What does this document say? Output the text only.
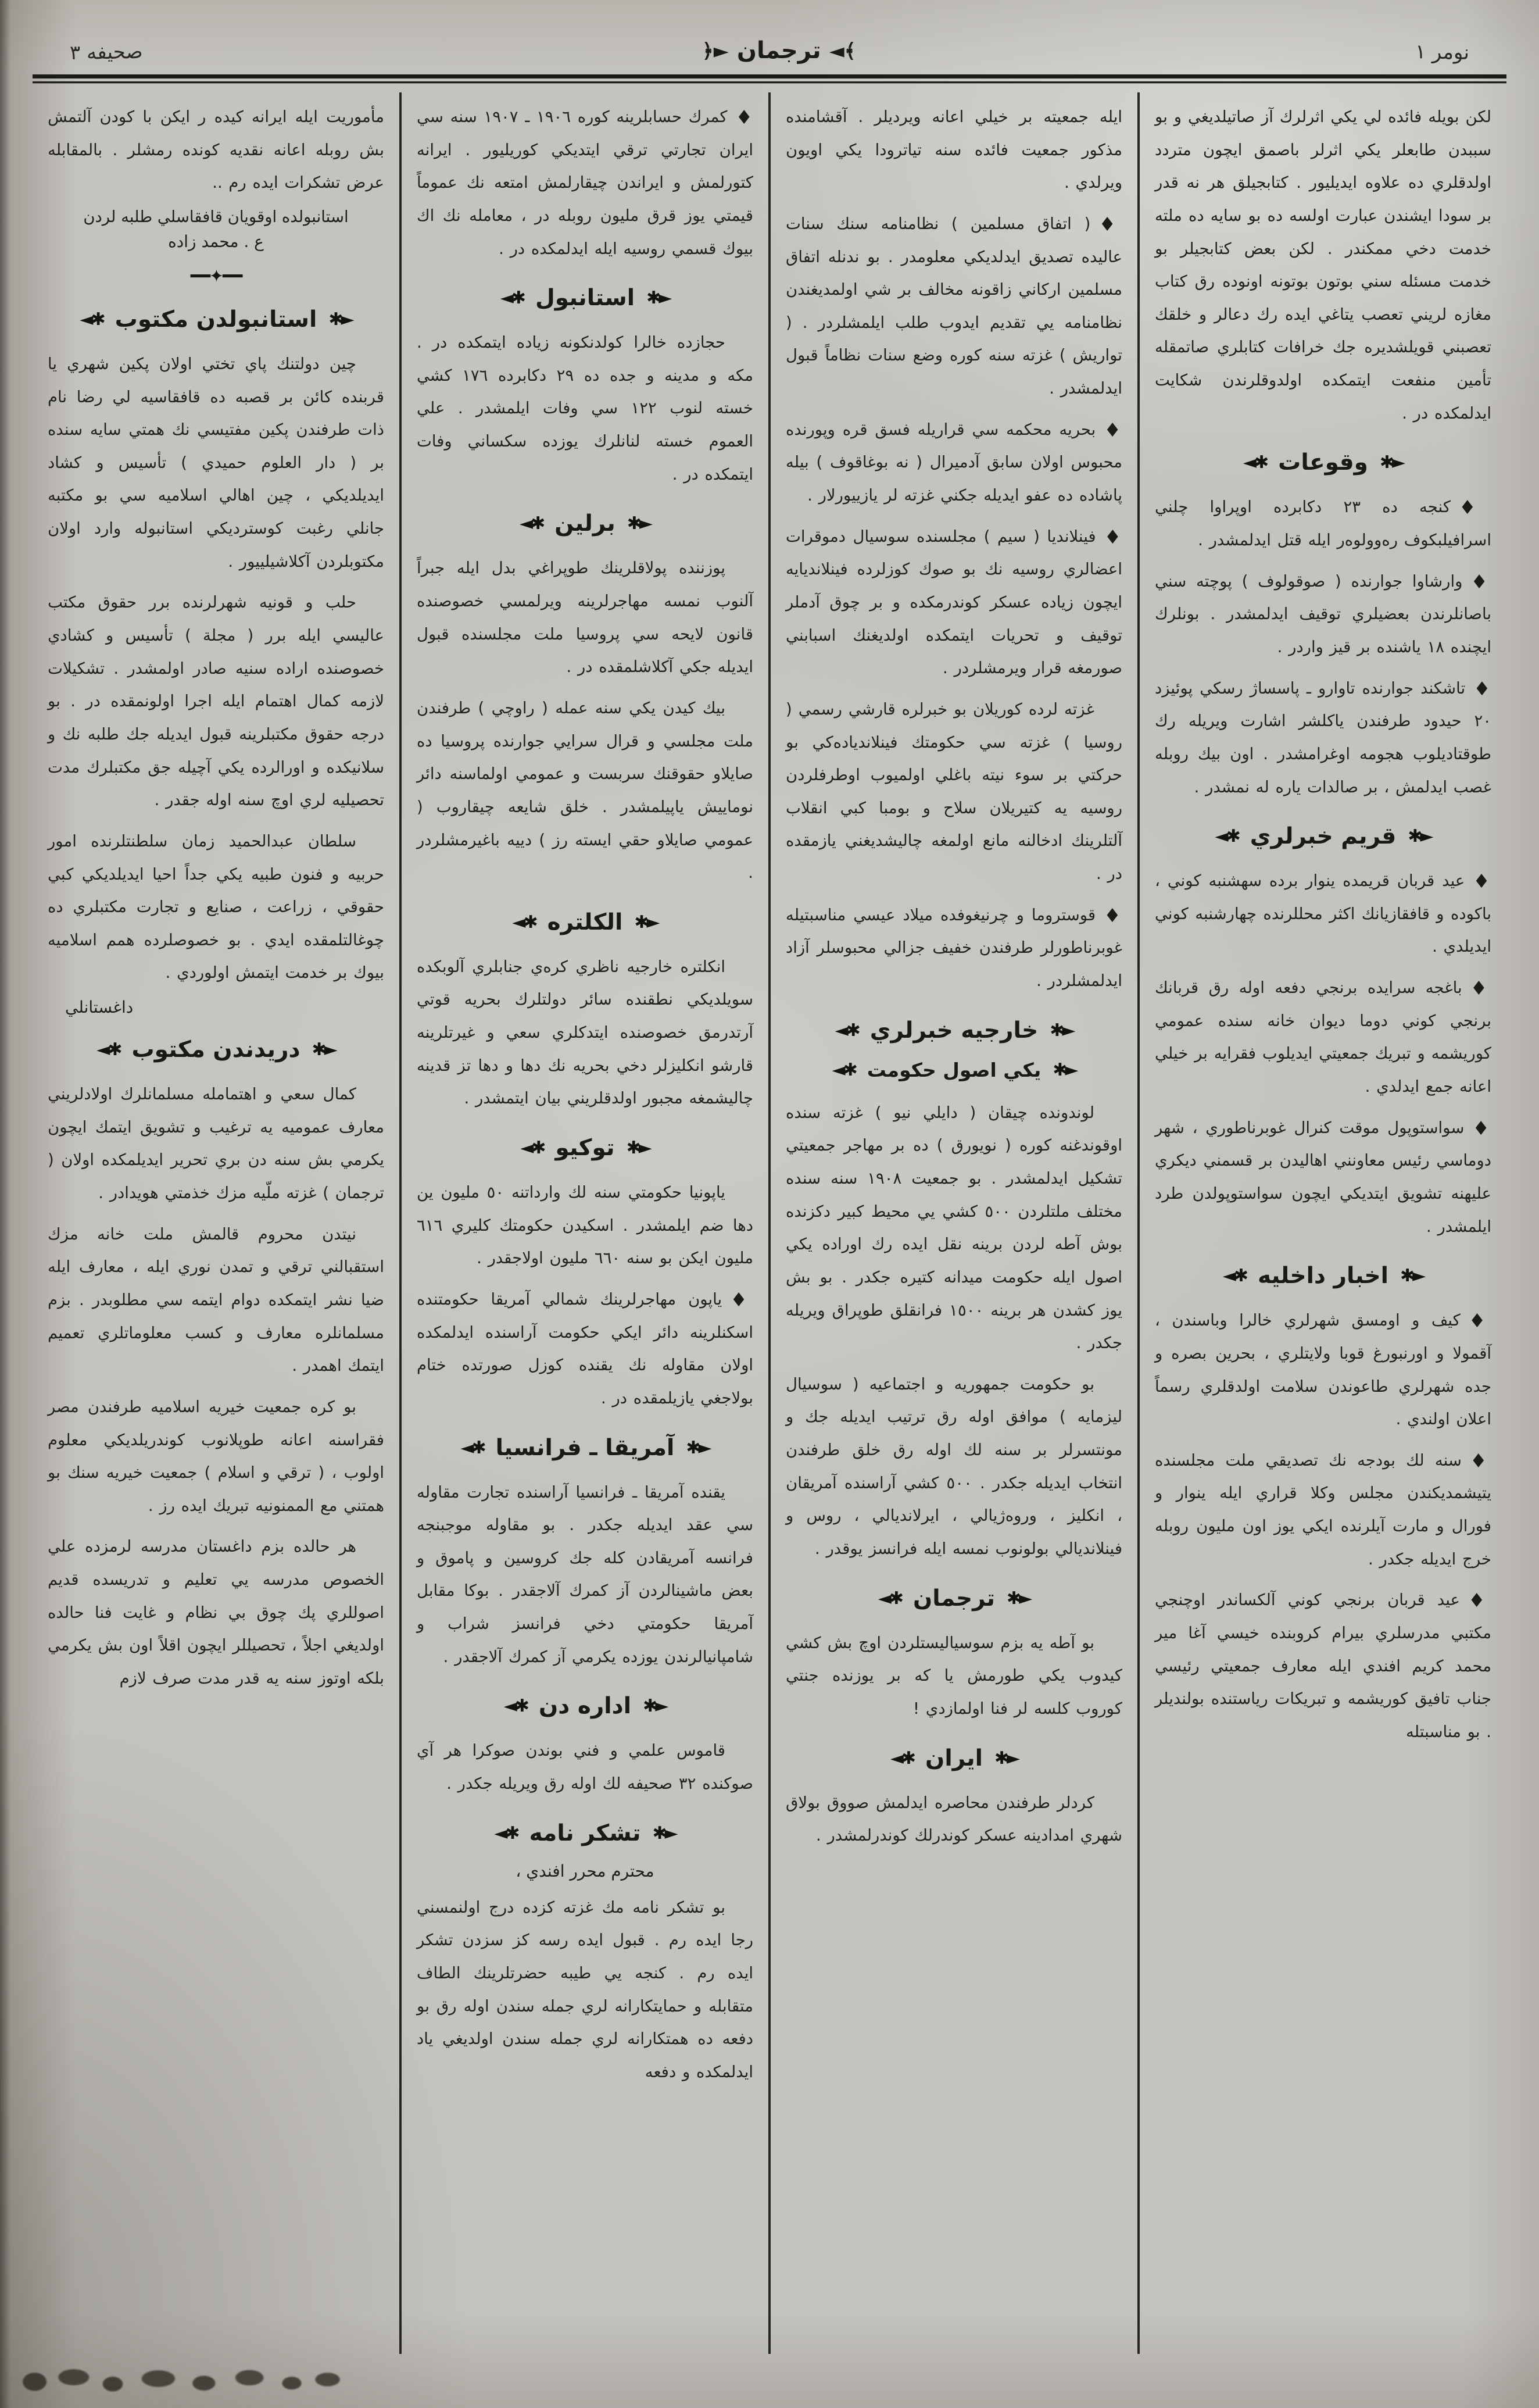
نومر ١
◄﴾
ترجمان
﴿►
صحيفه ٣

لكن بويله فائده لي يكي اثرلرك آز صاتيلديغي و بو سببدن طابعلر يكي اثرلر باصمق ايچون متردد اولدقلري ده علاوه ايديليور . كتابجيلق هر نه قدر بر سودا ايشندن عبارت اولسه ده بو سايه ده ملته خدمت دخي ممكندر . لكن بعض كتابجيلر بو خدمت مسئله سني بوتون بوتونه اونوده رق كتاب مغازه لريني تعصب يتاغي ايده رك دعالر و خلقك تعصبني قويلشديره جك خرافات كتابلري صاتمقله تأمين منفعت ايتمكده اولدوقلرندن شكايت ايدلمكده در .

✱►
وقوعات
◄✱

♦كنجه ده ٢٣ دكابرده اوپراوا چلني اسرافيلبكوف رەوولوەر ايله قتل ايدلمشدر .

♦وارشاوا جوارنده ( صوقولوف ) پوچته سني باصانلرندن بعضيلري توقيف ايدلمشدر . بونلرك ايچنده ١٨ ياشنده بر قيز واردر .

♦تاشكند جوارنده تاوارو ـ پاسساژ رسكي پوئيزد ٢٠ حيدود طرفندن ياكلشر اشارت ويريله رك طوقتاديلوب هجومه اوغرامشدر . اون بيك روبله غصب ايدلمش ، بر صالدات ياره له نمشدر .

✱►
قريم خبرلري
◄✱

♦عيد قربان قريمده ينوار برده سهشنبه كوني ، باكوده و قافقازيانك اكثر محللرنده چهارشنبه كوني ايديلدي .

♦باغجه سرايده برنجي دفعه اوله رق قربانك برنجي كوني دوما ديوان خانه سنده عمومي كوريشمه و تبريك جمعيتي ايديلوب فقرايه بر خيلي اعانه جمع ايدلدي .

♦سواستوپول موقت كنرال غوبرناطوري ، شهر دوماسي رئيس معاونني اهاليدن بر قسمني ديكري عليهنه تشويق ايتديكي ايچون سواستوپولدن طرد ايلمشدر .

✱►
اخبار داخليه
◄✱

♦كيف و اومسق شهرلري خالرا وباسندن ، آقمولا و اورنبورغ قوبا ولايتلري ، بحرين بصره و جده شهرلري طاعوندن سلامت اولدقلري رسماً اعلان اولندي .

♦سنه لك بودجه نك تصديقي ملت مجلسنده يتيشمديكندن مجلس وكلا قراري ايله ينوار و فورال و مارت آيلرنده ايكي يوز اون مليون روبله خرج ايديله جكدر .

♦عيد قربان برنجي كوني آلكساندر اوچنجي مكتبي مدرسلري بيرام كروبنده خيسي آغا مير محمد كريم افندي ايله معارف جمعيتي رئيسي جناب تافيق كوريشمه و تبريكات رياستنده بولنديلر . بو مناسبتله

ايله جمعيته بر خيلي اعانه ويرديلر . آقشامنده مذكور جمعيت فائده سنه تياترودا يكي اويون ويرلدي .

♦( اتفاق مسلمين ) نظامنامه سنك سنات عاليده تصديق ايدلديكي معلومدر . بو ندنله اتفاق مسلمين اركاني زاقونه مخالف بر شي اولمديغندن نظامنامه يي تقديم ايدوب طلب ايلمشلردر . ( تواريش ) غزته سنه كوره وضع سنات نظاماً قبول ايدلمشدر .

♦بحريه محكمه سي قراريله فسق قره وپورنده محبوس اولان سابق آدميرال ( نه بوغاقوف ) بيله پاشاده ده عفو ايديله جكني غزته لر يازييورلار .

♦فينلانديا ( سيم ) مجلسنده سوسيال دموقرات اعضالري روسيه نك بو صوك كوزلرده فينلانديايه ايچون زياده عسكر كوندرمكده و بر چوق آدملر توقيف و تحريات ايتمكده اولديغنك اسبابني صورمغه قرار ويرمشلردر .

غزته لرده كوريلان بو خبرلره قارشي رسمي ( روسيا ) غزته سي حكومتك فينلانديادەكي بو حركتي بر سوء نيته باغلي اولميوب اوطرفلردن روسيه يه كتيريلان سلاح و بومبا كبي انقلاب آلتلرينك ادخالنه مانع اولمغه چاليشديغني يازمقده در .

♦قوستروما و چرنيغوفده ميلاد عيسي مناسبتيله غوبرناطورلر طرفندن خفيف جزالي محبوسلر آزاد ايدلمشلردر .

✱►
خارجيه خبرلري
◄✱
✱►
يكي اصول حكومت
◄✱

لوندونده چيقان ( دايلي نيو ) غزته سنده اوقوندغنه كوره ( نويورق ) ده بر مهاجر جمعيتي تشكيل ايدلمشدر . بو جمعيت ١٩٠٨ سنه سنده مختلف ملتلردن ٥٠٠ كشي يي محيط كبير دكزنده بوش آطه لردن برينه نقل ايده رك اوراده يكي اصول ايله حكومت ميدانه كتيره جكدر . بو بش يوز كشدن هر برينه ١٥٠٠ فرانقلق طوپراق ويريله جكدر .

بو حكومت جمهوريه و اجتماعيه ( سوسيال ليزمايه ) موافق اوله رق ترتيب ايديله جك و مونتسرلر بر سنه لك اوله رق خلق طرفندن انتخاب ايديله جكدر . ٥٠٠ كشي آراسنده آمريقان ، انكليز ، وروەژيالي ، ايرلانديالي ، روس و فينلانديالي بولونوب نمسه ايله فرانسز يوقدر .

✱►
ترجمان
◄✱

بو آطه يه بزم سوسياليستلردن اوچ بش كشي كيدوب يكي طورمش يا كه بر يوزنده جنتي كوروب كلسه لر فنا اولمازدي !

✱►
ايران
◄✱

كردلر طرفندن محاصره ايدلمش صووق بولاق شهري امدادينه عسكر كوندرلك كوندرلمشدر .

♦كمرك حسابلرينه كوره ١٩٠٦ ـ ١٩٠٧ سنه سي ايران تجارتي ترقي ايتديكي كوريليور . ايرانه كتورلمش و ايراندن چيقارلمش امتعه نك عموماً قيمتي يوز قرق مليون روبله در ، معامله نك اك بيوك قسمي روسيه ايله ايدلمكده در .

✱►
استانبول
◄✱

حجازده خالرا كولدنكونه زياده ايتمكده در . مكه و مدينه و جده ده ٢٩ دكابرده ١٧٦ كشي خسته لنوب ١٢٢ سي وفات ايلمشدر . علي العموم خسته لنانلرك يوزده سكساني وفات ايتمكده در .

✱►
برلين
◄✱

پوزننده پولاقلرينك طوپراغي بدل ايله جبراً آلنوب نمسه مهاجرلرينه ويرلمسي خصوصنده قانون لايحه سي پروسيا ملت مجلسنده قبول ايديله جكي آكلاشلمقده در .

بيك كيدن يكي سنه عمله ( راوچي ) طرفندن ملت مجلسي و قرال سرايي جوارنده پروسيا ده صايلاو حقوقنك سربست و عمومي اولماسنه دائر نوماييش ياپيلمشدر . خلق شايعه چيقاروب ( عمومي صايلاو حقي ايسته رز ) دييه باغيرمشلردر .

✱►
الكلتره
◄✱

انكلتره خارجيه ناظري كرەي جنابلري آلوبكده سويلديكي نطقنده سائر دولتلرك بحريه قوتي آرتدرمق خصوصنده ايتدكلري سعي و غيرتلرينه قارشو انكليزلر دخي بحريه نك دها و دها تز قدينه چاليشمغه مجبور اولدقلريني بيان ايتمشدر .

✱►
توكيو
◄✱

ياپونيا حكومتي سنه لك وارداتنه ٥٠ مليون ين دها ضم ايلمشدر . اسكيدن حكومتك كليري ٦١٦ مليون ايكن بو سنه ٦٦٠ مليون اولاجقدر .

♦ياپون مهاجرلرينك شمالي آمريقا حكومتنده اسكنلرينه دائر ايكي حكومت آراسنده ايدلمكده اولان مقاوله نك يقنده كوزل صورتده ختام بولاجغي يازيلمقده در .

✱►
آمريقا ـ فرانسيا
◄✱

يقنده آمريقا ـ فرانسيا آراسنده تجارت مقاوله سي عقد ايديله جكدر . بو مقاوله موجبنجه فرانسه آمريقادن كله جك كروسين و پاموق و بعض ماشينالردن آز كمرك آلاجقدر . بوكا مقابل آمريقا حكومتي دخي فرانسز شراب و شامپانيالرندن يوزده يكرمي آز كمرك آلاجقدر .

✱►
اداره دن
◄✱

قاموس علمي و فني بوندن صوكرا هر آي صوكنده ٣٢ صحيفه لك اوله رق ويريله جكدر .

✱►
تشكر نامه
◄✱
محترم محرر افندي ،

بو تشكر نامه مك غزته كزده درج اولنمسني رجا ايده رم . قبول ايده رسه كز سزدن تشكر ايده رم . كنجه يي طيبه حضرتلرينك الطاف متقابله و حمايتكارانه لري جمله سندن اوله رق بو دفعه ده همتكارانه لري جمله سندن اولديغي ياد ايدلمكده و دفعه

مأموريت ايله ايرانه كيده ر ايكن با كودن آلتمش بش روبله اعانه نقديه كونده رمشلر . بالمقابله عرض تشكرات ايده رم ..

استانبولده اوقويان قافقاسلي طلبه لردن
ع . محمد زاده
━━✦━━
✱►
استانبولدن مكتوب
◄✱

چين دولتنك پاي تختي اولان پكين شهري يا قربنده كائن بر قصبه ده قافقاسيه لي رضا نام ذات طرفندن پكين مفتيسي نك همتي سايه سنده بر ( دار العلوم حميدي ) تأسيس و كشاد ايديلديكي ، چين اهالي اسلاميه سي بو مكتبه جانلي رغبت كوسترديكي استانبوله وارد اولان مكتوبلردن آكلاشيلييور .

حلب و قونيه شهرلرنده برر حقوق مكتب عاليسي ايله برر ( مجلة ) تأسيس و كشادي خصوصنده اراده سنيه صادر اولمشدر . تشكيلات لازمه كمال اهتمام ايله اجرا اولونمقده در . بو درجه حقوق مكتبلرينه قبول ايديله جك طلبه نك و سلانيكده و اورالرده يكي آچيله جق مكتبلرك مدت تحصيليه لري اوچ سنه اوله جقدر .

سلطان عبدالحميد زمان سلطنتلرنده امور حربيه و فنون طبيه يكي جداً احيا ايديلديكي كبي حقوقي ، زراعت ، صنايع و تجارت مكتبلري ده چوغالتلمقده ايدي . بو خصوصلرده همم اسلاميه بيوك بر خدمت ايتمش اولوردي .

داغستانلي
✱►
دريدندن مكتوب
◄✱

كمال سعي و اهتمامله مسلمانلرك اولادلريني معارف عموميه يه ترغيب و تشويق ايتمك ايچون يكرمي بش سنه دن بري تحرير ايديلمكده اولان ( ترجمان ) غزته ملّيه مزك خذمتي هويدادر .

نيتدن محروم قالمش ملت خانه مزك استقبالني ترقي و تمدن نوري ايله ، معارف ايله ضيا نشر ايتمكده دوام ايتمه سي مطلوبدر . بزم مسلمانلره معارف و كسب معلوماتلري تعميم ايتمك اهمدر .

بو كره جمعيت خيريه اسلاميه طرفندن مصر فقراسنه اعانه طوپلانوب كوندريلديكي معلوم اولوب ، ( ترقي و اسلام ) جمعيت خيريه سنك بو همتني مع الممنونيه تبريك ايده رز .

هر حالده بزم داغستان مدرسه لرمزده علي الخصوص مدرسه يي تعليم و تدريسده قديم اصوللري پك چوق بي نظام و غايت فنا حالده اولديغي اجلاً ، تحصيللر ايچون اقلاً اون بش يكرمي بلكه اوتوز سنه يه قدر مدت صرف لازم
